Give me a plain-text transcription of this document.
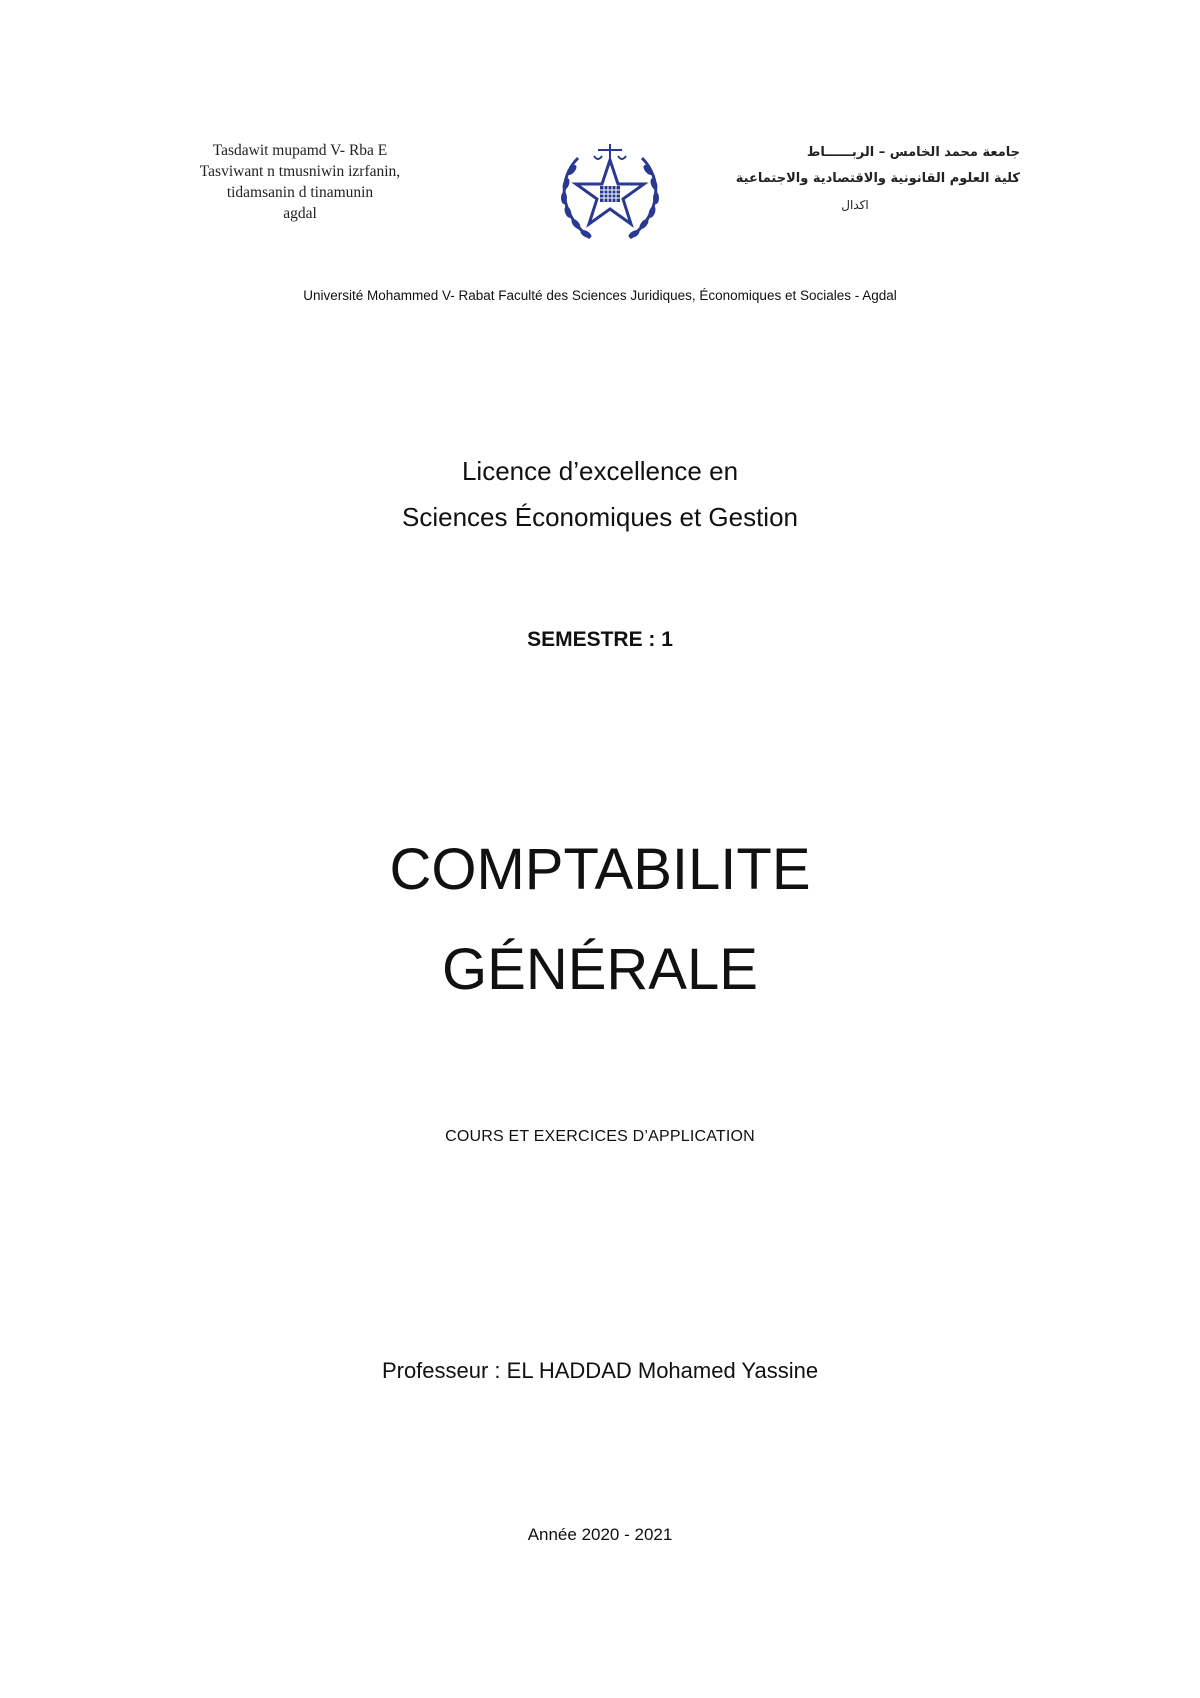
Tasdawit mupamd V- Rba E
Tasviwant n tmusniwin izrfanin,
tidamsanin d tinamunin
agdal
جامعة محمد الخامس – الربــــــاط
كلية العلوم القانونية والاقتصادية والاجتماعية
اكدال
Université Mohammed V- Rabat Faculté des Sciences Juridiques, Économiques et Sociales - Agdal
Licence d’excellence en
Sciences Économiques et Gestion
SEMESTRE : 1
COMPTABILITE
GÉNÉRALE
COURS ET EXERCICES D’APPLICATION
Professeur : EL HADDAD Mohamed Yassine
Année 2020 - 2021
